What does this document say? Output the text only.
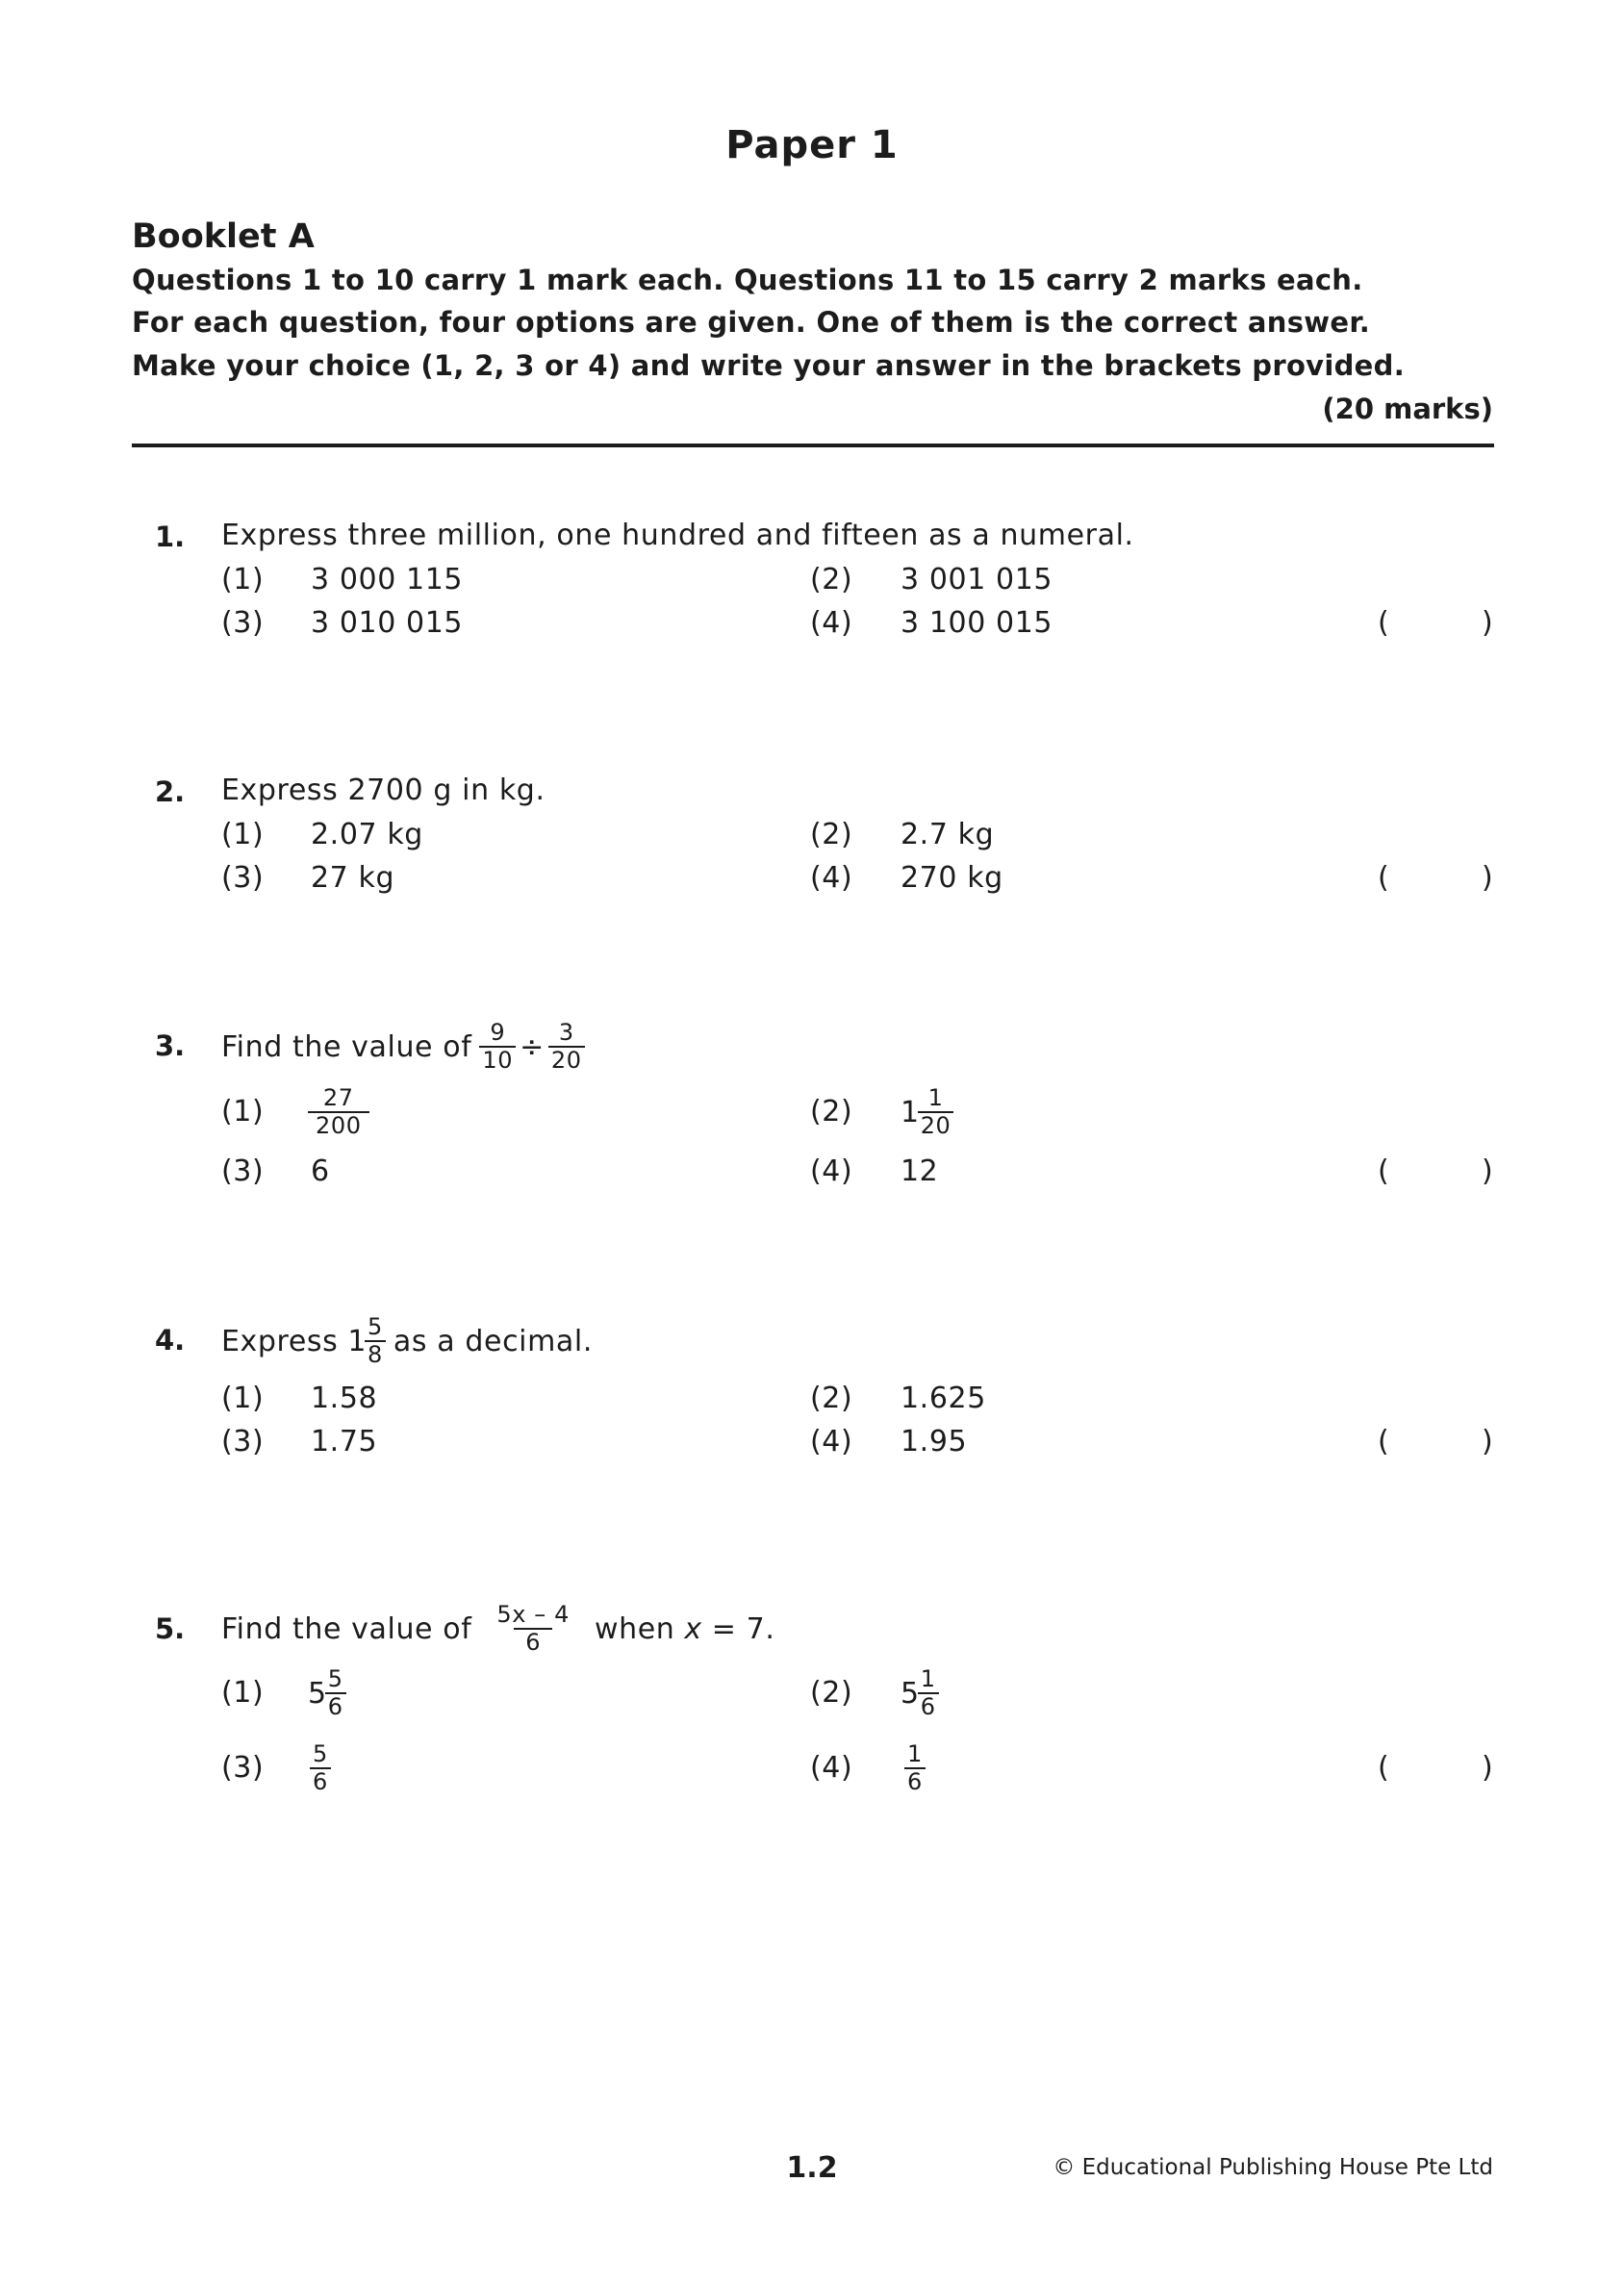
Paper 1
Booklet A
Questions 1 to 10 carry 1 mark each. Questions 11 to 15 carry 2 marks each.
For each question, four options are given. One of them is the correct answer.
Make your choice (1, 2, 3 or 4) and write your answer in the brackets provided.
(20 marks)
1. Express three million, one hundred and fifteen as a numeral.
(1) 3 000 115	(2) 3 001 015
(3) 3 010 015	(4) 3 100 015	(	)
2. Express 2700 g in kg.
(1) 2.07 kg	(2) 2.7 kg
(3) 27 kg	(4) 270 kg	(	)
3. Find the value of $\frac{9}{10} \div \frac{3}{20}$
$(1) \frac{27}{200}$	(2) 1
$\frac{1}{20}$
(3) 6	(4) 12	(	)
4. Express 1
$\frac{5}{8}$ as a decimal.
(1) 1.58	(2) 1.625
(3) 1.75	(4) 1.95	(	)
5. Find the value of $\frac{5x - 4}{6}$ when x = 7.
(1) 5
$\frac{5}{6}$	(2) 5
$\frac{1}{6}$
$(3) \frac{5}{6}$	$(4) \frac{1}{6}$	(	)
1.2	© Educational Publishing House Pte Ltd
